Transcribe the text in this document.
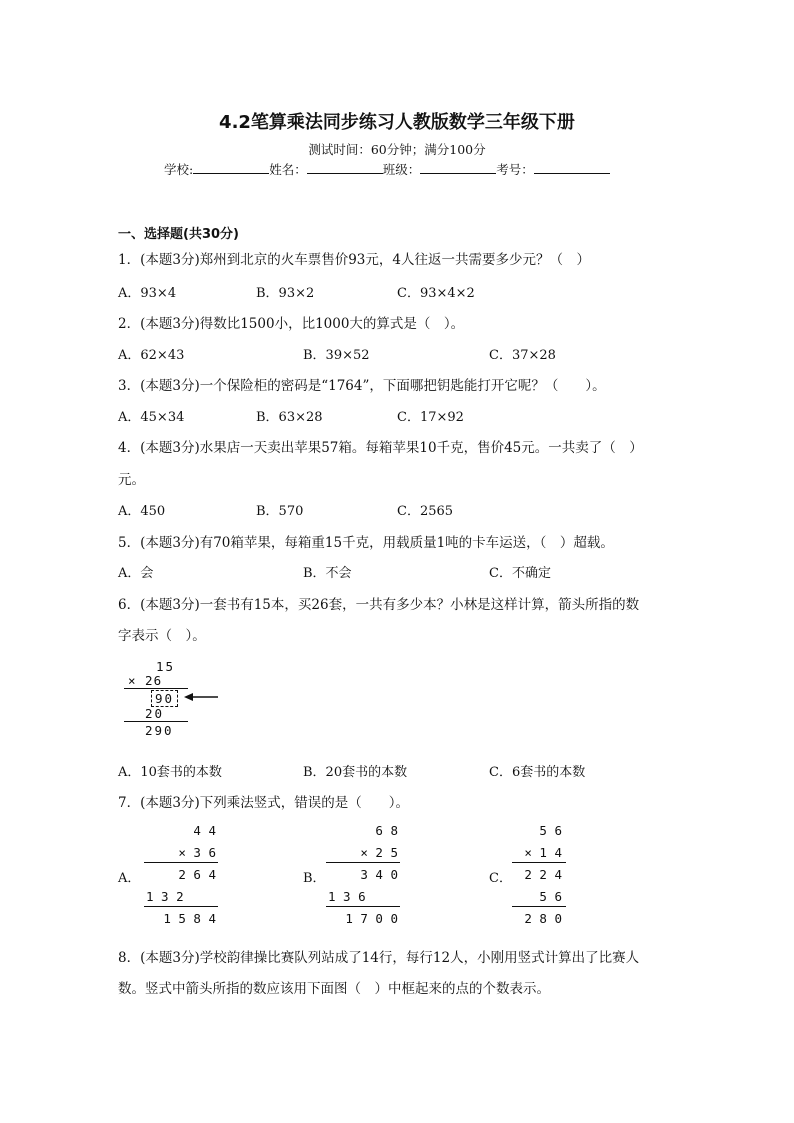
4.2笔算乘法同步练习人教版数学三年级下册
测试时间：60分钟；满分100分
学校:	姓名：	班级：	考号：
一、选择题(共30分)
1．(本题3分)郑州到北京的火车票售价93元，4人往返一共需要多少元？（　）
A．93×4	B．93×2	C．93×4×2
2．(本题3分)得数比1500小，比1000大的算式是（　）。
A．62×43	B．39×52	C．37×28
3．(本题3分)一个保险柜的密码是“1764”，下面哪把钥匙能打开它呢？（　　）。
A．45×34	B．63×28	C．17×92
4．(本题3分)水果店一天卖出苹果57箱。每箱苹果10千克，售价45元。一共卖了（　）
元。
A．450	B．570	C．2565
5．(本题3分)有70箱苹果，每箱重15千克，用载质量1吨的卡车运送，（　）超载。
A．会	B．不会	C．不确定
6．(本题3分)一套书有15本，买26套，一共有多少本？小林是这样计算，箭头所指的数
字表示（　）。
15
× 26
90
20
290
A．10套书的本数	B．20套书的本数	C．6套书的本数
7．(本题3分)下列乘法竖式，错误的是（　　）。
4 4
× 3 6
A．	2 6 4
1 3 2
1 5 8 4
6 8
× 2 5
B．	3 4 0
1 3 6
1 7 0 0
5 6
× 1 4
C． 2 2 4
5 6
2 8 0
8．(本题3分)学校韵律操比赛队列站成了14行，每行12人，小刚用竖式计算出了比赛人
数。竖式中箭头所指的数应该用下面图（　）中框起来的点的个数表示。
